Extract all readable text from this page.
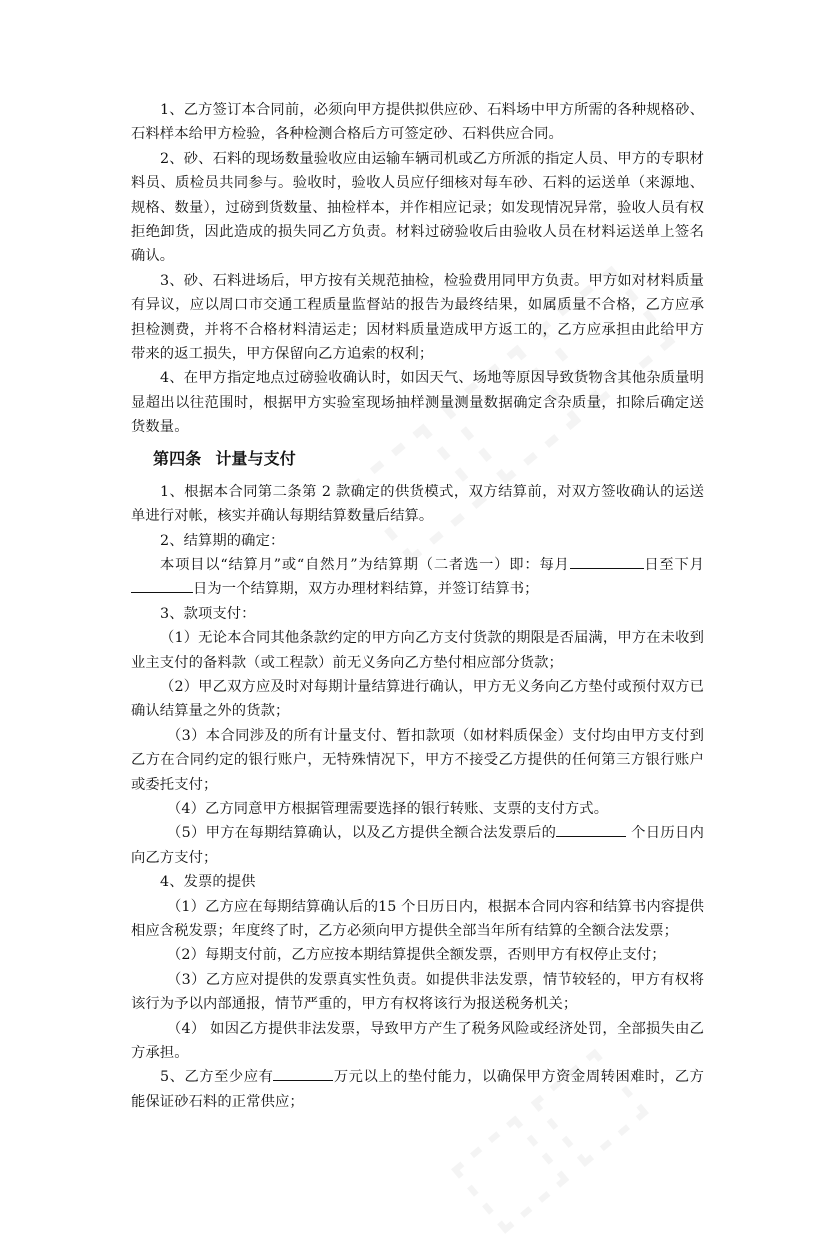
1、乙方签订本合同前，必须向甲方提供拟供应砂、石料场中甲方所需的各种规格砂、石料样本给甲方检验，各种检测合格后方可签定砂、石料供应合同。

2、砂、石料的现场数量验收应由运输车辆司机或乙方所派的指定人员、甲方的专职材料员、质检员共同参与。验收时，验收人员应仔细核对每车砂、石料的运送单（来源地、规格、数量），过磅到货数量、抽检样本，并作相应记录；如发现情况异常，验收人员有权拒绝卸货，因此造成的损失同乙方负责。材料过磅验收后由验收人员在材料运送单上签名确认。

3、砂、石料进场后，甲方按有关规范抽检，检验费用同甲方负责。甲方如对材料质量有异议，应以周口市交通工程质量监督站的报告为最终结果，如属质量不合格，乙方应承担检测费，并将不合格材料清运走；因材料质量造成甲方返工的，乙方应承担由此给甲方带来的返工损失，甲方保留向乙方追索的权利；

4、在甲方指定地点过磅验收确认时，如因天气、场地等原因导致货物含其他杂质量明显超出以往范围时，根据甲方实验室现场抽样测量测量数据确定含杂质量，扣除后确定送货数量。

第四条 计量与支付

1、根据本合同第二条第 2 款确定的供货模式，双方结算前，对双方签收确认的运送单进行对帐，核实并确认每期结算数量后结算。

2、结算期的确定：

本项目以“结算月”或“自然月”为结算期（二者选一）即：每月	日至下月日为一个结算期，双方办理材料结算，并签订结算书；

3、款项支付：

（1）无论本合同其他条款约定的甲方向乙方支付货款的期限是否届满，甲方在未收到业主支付的备料款（或工程款）前无义务向乙方垫付相应部分货款；

（2）甲乙双方应及时对每期计量结算进行确认，甲方无义务向乙方垫付或预付双方已确认结算量之外的货款；

（3）本合同涉及的所有计量支付、暂扣款项（如材料质保金）支付均由甲方支付到乙方在合同约定的银行账户，无特殊情况下，甲方不接受乙方提供的任何第三方银行账户或委托支付；

（4）乙方同意甲方根据管理需要选择的银行转账、支票的支付方式。

（5）甲方在每期结算确认，以及乙方提供全额合法发票后的	个日历日内向乙方支付；

4、发票的提供

（1）乙方应在每期结算确认后的15 个日历日内，根据本合同内容和结算书内容提供相应含税发票；年度终了时，乙方必须向甲方提供全部当年所有结算的全额合法发票；

（2）每期支付前，乙方应按本期结算提供全额发票，否则甲方有权停止支付；

（3）乙方应对提供的发票真实性负责。如提供非法发票，情节较轻的，甲方有权将该行为予以内部通报，情节严重的，甲方有权将该行为报送税务机关；

（4） 如因乙方提供非法发票，导致甲方产生了税务风险或经济处罚，全部损失由乙方承担。

5、乙方至少应有	万元以上的垫付能力，以确保甲方资金周转困难时，乙方能保证砂石料的正常供应；
